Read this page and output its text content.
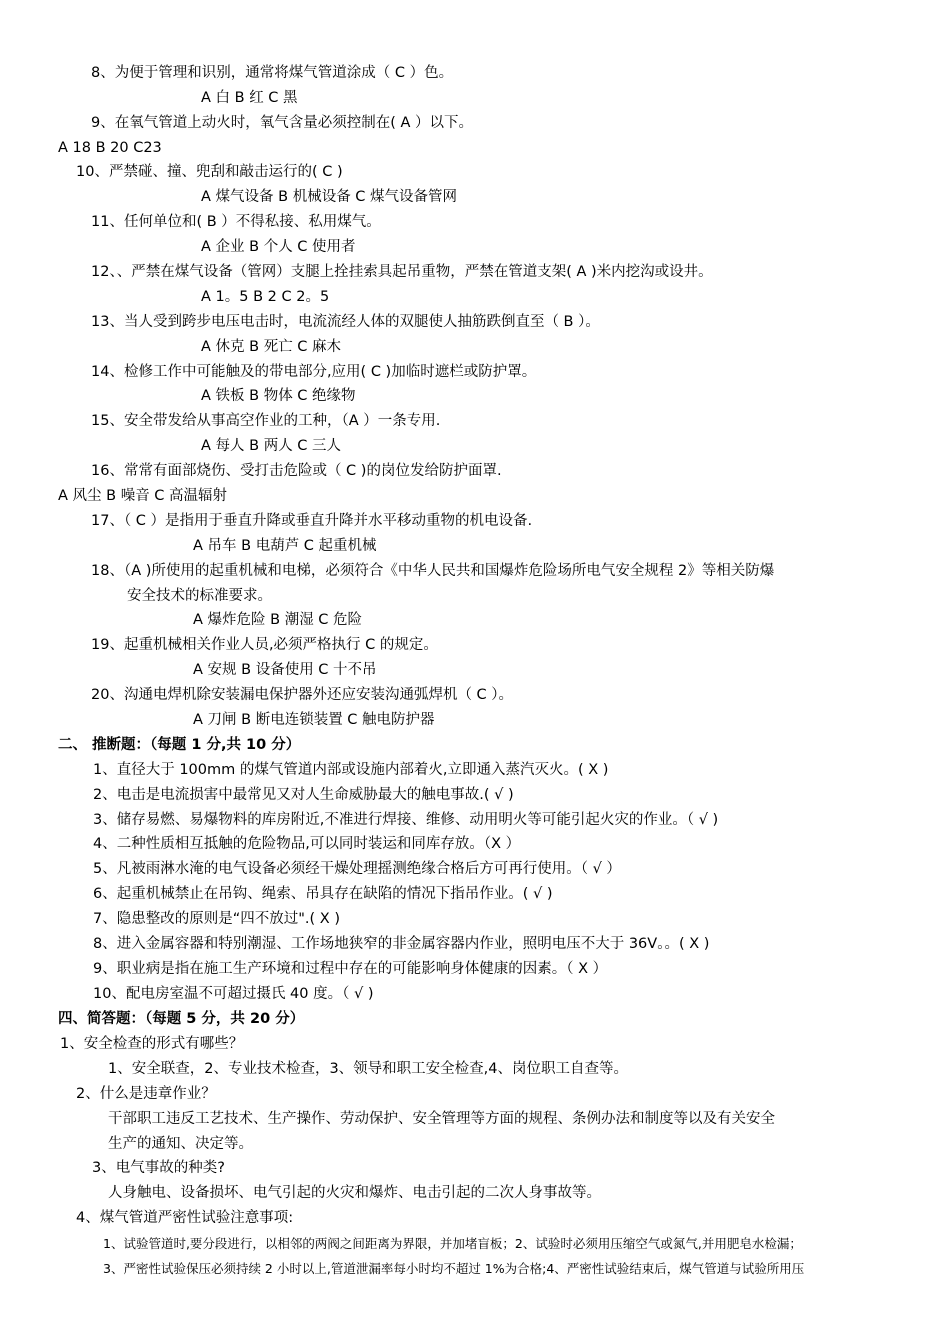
8、为便于管理和识别，通常将煤气管道涂成（ C ）色。
A 白 B 红 C 黑
9、在氧气管道上动火时，氧气含量必须控制在( A ）以下。
A 18 B 20 C23
10、严禁碰、撞、兜刮和敲击运行的( C )
A 煤气设备 B 机械设备 C 煤气设备管网
11、任何单位和( B ）不得私接、私用煤气。
A 企业 B 个人 C 使用者
12、、严禁在煤气设备（管网）支腿上拴挂索具起吊重物，严禁在管道支架( A )米内挖沟或设井。
A 1。5 B 2 C 2。5
13、当人受到跨步电压电击时，电流流经人体的双腿使人抽筋跌倒直至（ B ）。
A 休克 B 死亡 C 麻木
14、检修工作中可能触及的带电部分,应用( C )加临时遮栏或防护罩。
A 铁板 B 物体 C 绝缘物
15、安全带发给从事高空作业的工种，（A ）一条专用.
A 每人 B 两人 C 三人
16、常常有面部烧伤、受打击危险或（ C )的岗位发给防护面罩.
A 风尘 B 噪音 C 高温辐射
17、（ C ）是指用于垂直升降或垂直升降并水平移动重物的机电设备.
A 吊车 B 电葫芦 C 起重机械
18、（A )所使用的起重机械和电梯，必须符合《中华人民共和国爆炸危险场所电气安全规程 2》等相关防爆
安全技术的标准要求。
A 爆炸危险 B 潮湿 C 危险
19、起重机械相关作业人员,必须严格执行 C 的规定。
A 安规 B 设备使用 C 十不吊
20、沟通电焊机除安装漏电保护器外还应安装沟通弧焊机（ C ）。
A 刀闸 B 断电连锁装置 C 触电防护器
二、 推断题：（每题 1 分,共 10 分）
1、直径大于 100mm 的煤气管道内部或设施内部着火,立即通入蒸汽灭火。( X )
2、电击是电流损害中最常见又对人生命威胁最大的触电事故.( √ )
3、储存易燃、易爆物料的库房附近,不准进行焊接、维修、动用明火等可能引起火灾的作业。（ √ )
4、二种性质相互抵触的危险物品,可以同时装运和同库存放。（X ）
5、凡被雨淋水淹的电气设备必须经干燥处理摇测绝缘合格后方可再行使用。（ √ ）
6、起重机械禁止在吊钩、绳索、吊具存在缺陷的情况下指吊作业。( √ )
7、隐患整改的原则是“四不放过".( X )
8、进入金属容器和特别潮湿、工作场地狭窄的非金属容器内作业，照明电压不大于 36V。。( X )
9、职业病是指在施工生产环境和过程中存在的可能影响身体健康的因素。（ X ）
10、配电房室温不可超过摄氏 40 度。（ √ )
四、简答题：（每题 5 分，共 20 分）
1、安全检查的形式有哪些？
1、安全联查，2、专业技术检查，3、领导和职工安全检查,4、岗位职工自查等。
2、什么是违章作业？
干部职工违反工艺技术、生产操作、劳动保护、安全管理等方面的规程、条例办法和制度等以及有关安全
生产的通知、决定等。
3、电气事故的种类?
人身触电、设备损坏、电气引起的火灾和爆炸、电击引起的二次人身事故等。
4、煤气管道严密性试验注意事项:
1、试验管道时,要分段进行，以相邻的两阀之间距离为界限，并加堵盲板；2、试验时必须用压缩空气或氮气,并用肥皂水检漏；
3、严密性试验保压必须持续 2 小时以上,管道泄漏率每小时均不超过 1%为合格;4、严密性试验结束后，煤气管道与试验所用压
